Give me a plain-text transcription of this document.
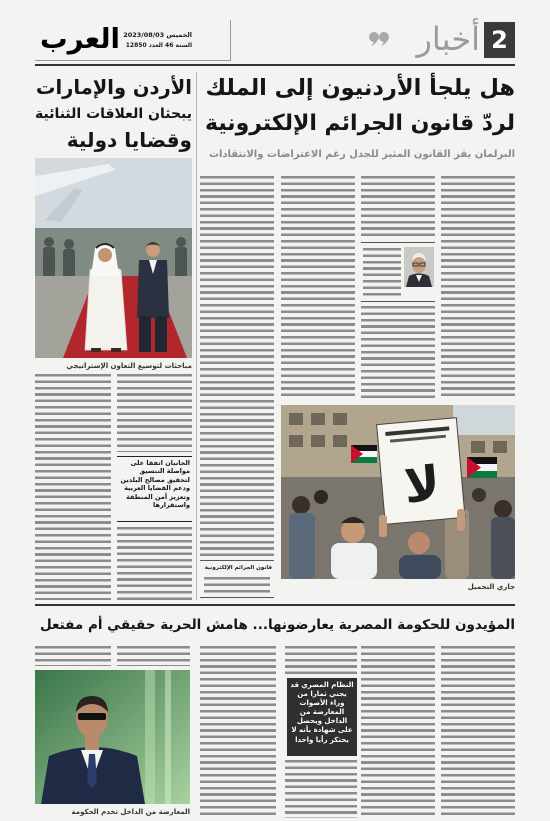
العرب الخميس 2023/08/03
السنة 46 العدد 12850	أخبار 2
هل يلجأ الأردنيون إلى الملك
لردّ قانون الجرائم الإلكترونية
البرلمان يقر القانون المثير للجدل رغم الاعتراضات والانتقادات
قانون الجرائم الإلكترونية
لا
جاري التحميل
الأردن والإمارات
يبحثان العلاقات الثنائية
وقضايا دولية
مباحثات لتوسيع التعاون الإستراتيجي
الجانبان اتفقا على مواصلة التنسيق لتحقيق مصالح البلدين ودعم القضايا العربية وتعزيز أمن المنطقة واستقرارها
المؤيدون للحكومة المصرية يعارضونها... هامش الحرية حقيقي أم مفتعل
النظام المصري قد يجني ثمارا من وراء الأصوات المعارضة من الداخل ويحصل على شهادة بأنه لا يحتكر رأيا واحدا
المعارضة من الداخل تخدم الحكومة
